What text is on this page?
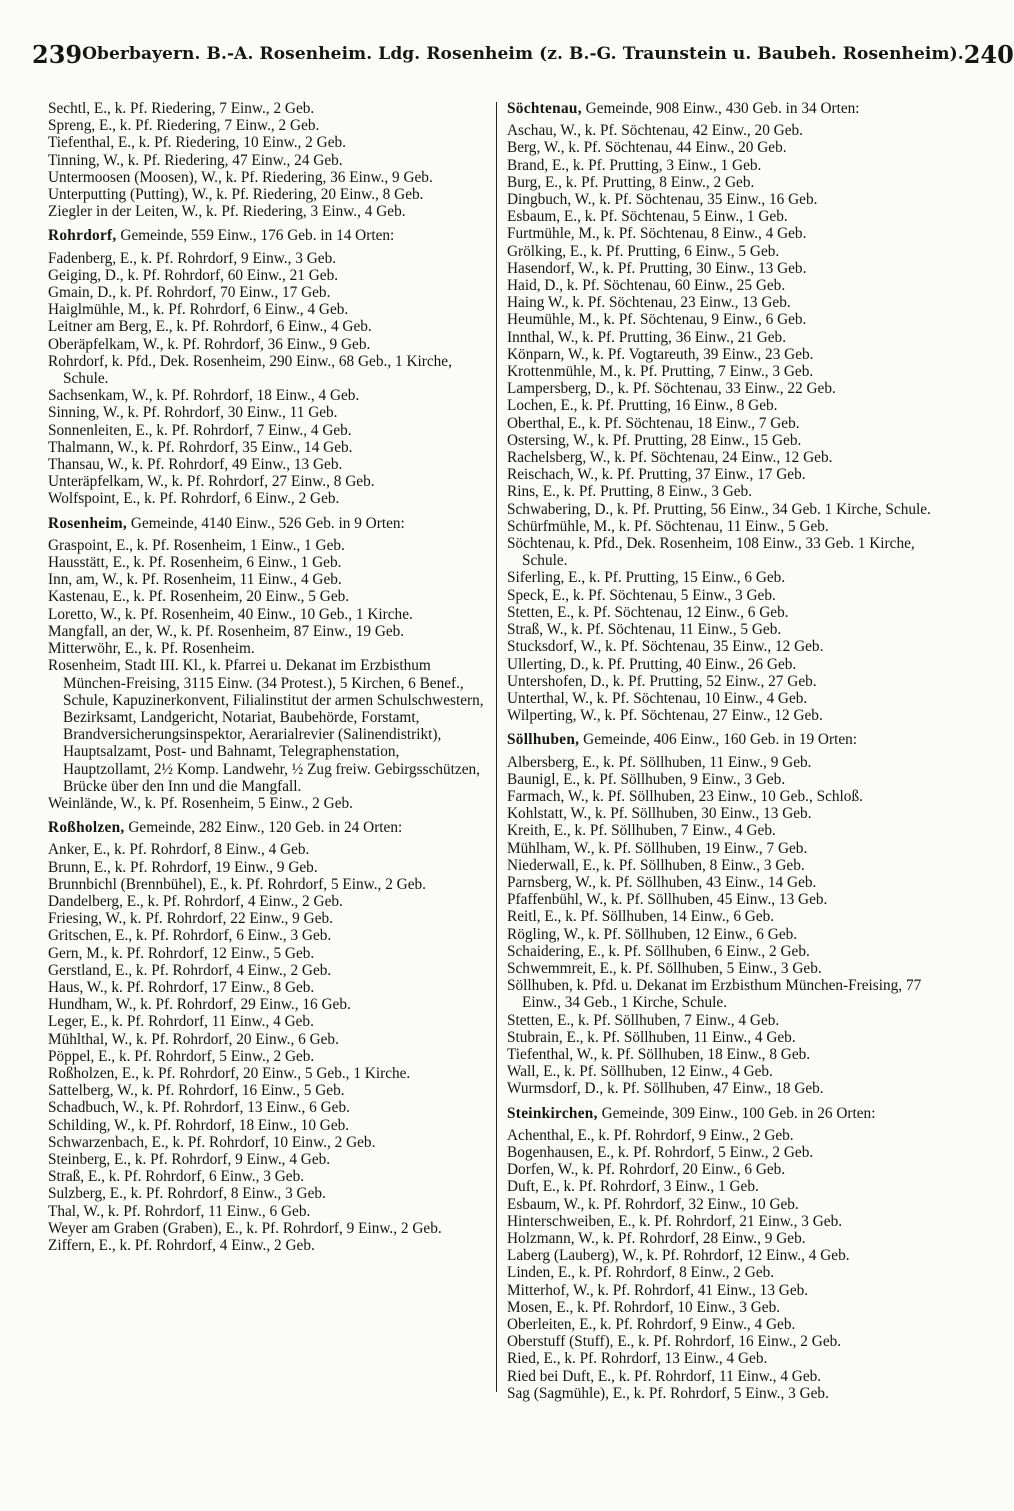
239 Oberbayern. B.-A. Rosenheim. Ldg. Rosenheim (z. B.-G. Traunstein u. Baubeh. Rosenheim). 240
Sechtl, E., k. Pf. Riedering, 7 Einw., 2 Geb.
Spreng, E., k. Pf. Riedering, 7 Einw., 2 Geb.
Tiefenthal, E., k. Pf. Riedering, 10 Einw., 2 Geb.
Tinning, W., k. Pf. Riedering, 47 Einw., 24 Geb.
Untermoosen (Moosen), W., k. Pf. Riedering, 36 Einw., 9 Geb.
Unterputting (Putting), W., k. Pf. Riedering, 20 Einw., 8 Geb.
Ziegler in der Leiten, W., k. Pf. Riedering, 3 Einw., 4 Geb.
Rohrdorf, Gemeinde, 559 Einw., 176 Geb. in 14 Orten:
Fadenberg, E., k. Pf. Rohrdorf, 9 Einw., 3 Geb.
Geiging, D., k. Pf. Rohrdorf, 60 Einw., 21 Geb.
Gmain, D., k. Pf. Rohrdorf, 70 Einw., 17 Geb.
Haiglmühle, M., k. Pf. Rohrdorf, 6 Einw., 4 Geb.
Leitner am Berg, E., k. Pf. Rohrdorf, 6 Einw., 4 Geb.
Oberäpfelkam, W., k. Pf. Rohrdorf, 36 Einw., 9 Geb.
Rohrdorf, k. Pfd., Dek. Rosenheim, 290 Einw., 68 Geb., 1 Kirche, Schule.
Sachsenkam, W., k. Pf. Rohrdorf, 18 Einw., 4 Geb.
Sinning, W., k. Pf. Rohrdorf, 30 Einw., 11 Geb.
Sonnenleiten, E., k. Pf. Rohrdorf, 7 Einw., 4 Geb.
Thalmann, W., k. Pf. Rohrdorf, 35 Einw., 14 Geb.
Thansau, W., k. Pf. Rohrdorf, 49 Einw., 13 Geb.
Unteräpfelkam, W., k. Pf. Rohrdorf, 27 Einw., 8 Geb.
Wolfspoint, E., k. Pf. Rohrdorf, 6 Einw., 2 Geb.
Rosenheim, Gemeinde, 4140 Einw., 526 Geb. in 9 Orten:
Graspoint, E., k. Pf. Rosenheim, 1 Einw., 1 Geb.
Hausstätt, E., k. Pf. Rosenheim, 6 Einw., 1 Geb.
Inn, am, W., k. Pf. Rosenheim, 11 Einw., 4 Geb.
Kastenau, E., k. Pf. Rosenheim, 20 Einw., 5 Geb.
Loretto, W., k. Pf. Rosenheim, 40 Einw., 10 Geb., 1 Kirche.
Mangfall, an der, W., k. Pf. Rosenheim, 87 Einw., 19 Geb.
Mitterwöhr, E., k. Pf. Rosenheim.
Rosenheim, Stadt III. Kl., k. Pfarrei u. Dekanat im Erzbisthum München-Freising, 3115 Einw. (34 Protest.), 5 Kirchen, 6 Benef., Schule, Kapuzinerkonvent, Filialinstitut der armen Schulschwestern, Bezirksamt, Landgericht, Notariat, Baubehörde, Forstamt, Brandversicherungsinspektor, Aerarialrevier (Salinendistrikt), Hauptsalzamt, Post- und Bahnamt, Telegraphenstation, Hauptzollamt, 2½ Komp. Landwehr, ½ Zug freiw. Gebirgsschützen, Brücke über den Inn und die Mangfall.
Weinlände, W., k. Pf. Rosenheim, 5 Einw., 2 Geb.
Roßholzen, Gemeinde, 282 Einw., 120 Geb. in 24 Orten:
Anker, E., k. Pf. Rohrdorf, 8 Einw., 4 Geb.
Brunn, E., k. Pf. Rohrdorf, 19 Einw., 9 Geb.
Brunnbichl (Brennbühel), E., k. Pf. Rohrdorf, 5 Einw., 2 Geb.
Dandelberg, E., k. Pf. Rohrdorf, 4 Einw., 2 Geb.
Friesing, W., k. Pf. Rohrdorf, 22 Einw., 9 Geb.
Gritschen, E., k. Pf. Rohrdorf, 6 Einw., 3 Geb.
Gern, M., k. Pf. Rohrdorf, 12 Einw., 5 Geb.
Gerstland, E., k. Pf. Rohrdorf, 4 Einw., 2 Geb.
Haus, W., k. Pf. Rohrdorf, 17 Einw., 8 Geb.
Hundham, W., k. Pf. Rohrdorf, 29 Einw., 16 Geb.
Leger, E., k. Pf. Rohrdorf, 11 Einw., 4 Geb.
Mühlthal, W., k. Pf. Rohrdorf, 20 Einw., 6 Geb.
Pöppel, E., k. Pf. Rohrdorf, 5 Einw., 2 Geb.
Roßholzen, E., k. Pf. Rohrdorf, 20 Einw., 5 Geb., 1 Kirche.
Sattelberg, W., k. Pf. Rohrdorf, 16 Einw., 5 Geb.
Schadbuch, W., k. Pf. Rohrdorf, 13 Einw., 6 Geb.
Schilding, W., k. Pf. Rohrdorf, 18 Einw., 10 Geb.
Schwarzenbach, E., k. Pf. Rohrdorf, 10 Einw., 2 Geb.
Steinberg, E., k. Pf. Rohrdorf, 9 Einw., 4 Geb.
Straß, E., k. Pf. Rohrdorf, 6 Einw., 3 Geb.
Sulzberg, E., k. Pf. Rohrdorf, 8 Einw., 3 Geb.
Thal, W., k. Pf. Rohrdorf, 11 Einw., 6 Geb.
Weyer am Graben (Graben), E., k. Pf. Rohrdorf, 9 Einw., 2 Geb.
Ziffern, E., k. Pf. Rohrdorf, 4 Einw., 2 Geb.
Söchtenau, Gemeinde, 908 Einw., 430 Geb. in 34 Orten:
Aschau, W., k. Pf. Söchtenau, 42 Einw., 20 Geb.
Berg, W., k. Pf. Söchtenau, 44 Einw., 20 Geb.
Brand, E., k. Pf. Prutting, 3 Einw., 1 Geb.
Burg, E., k. Pf. Prutting, 8 Einw., 2 Geb.
Dingbuch, W., k. Pf. Söchtenau, 35 Einw., 16 Geb.
Esbaum, E., k. Pf. Söchtenau, 5 Einw., 1 Geb.
Furtmühle, M., k. Pf. Söchtenau, 8 Einw., 4 Geb.
Grölking, E., k. Pf. Prutting, 6 Einw., 5 Geb.
Hasendorf, W., k. Pf. Prutting, 30 Einw., 13 Geb.
Haid, D., k. Pf. Söchtenau, 60 Einw., 25 Geb.
Haing W., k. Pf. Söchtenau, 23 Einw., 13 Geb.
Heumühle, M., k. Pf. Söchtenau, 9 Einw., 6 Geb.
Innthal, W., k. Pf. Prutting, 36 Einw., 21 Geb.
Könparn, W., k. Pf. Vogtareuth, 39 Einw., 23 Geb.
Krottenmühle, M., k. Pf. Prutting, 7 Einw., 3 Geb.
Lampersberg, D., k. Pf. Söchtenau, 33 Einw., 22 Geb.
Lochen, E., k. Pf. Prutting, 16 Einw., 8 Geb.
Oberthal, E., k. Pf. Söchtenau, 18 Einw., 7 Geb.
Ostersing, W., k. Pf. Prutting, 28 Einw., 15 Geb.
Rachelsberg, W., k. Pf. Söchtenau, 24 Einw., 12 Geb.
Reischach, W., k. Pf. Prutting, 37 Einw., 17 Geb.
Rins, E., k. Pf. Prutting, 8 Einw., 3 Geb.
Schwabering, D., k. Pf. Prutting, 56 Einw., 34 Geb. 1 Kirche, Schule.
Schürfmühle, M., k. Pf. Söchtenau, 11 Einw., 5 Geb.
Söchtenau, k. Pfd., Dek. Rosenheim, 108 Einw., 33 Geb. 1 Kirche, Schule.
Siferling, E., k. Pf. Prutting, 15 Einw., 6 Geb.
Speck, E., k. Pf. Söchtenau, 5 Einw., 3 Geb.
Stetten, E., k. Pf. Söchtenau, 12 Einw., 6 Geb.
Straß, W., k. Pf. Söchtenau, 11 Einw., 5 Geb.
Stucksdorf, W., k. Pf. Söchtenau, 35 Einw., 12 Geb.
Ullerting, D., k. Pf. Prutting, 40 Einw., 26 Geb.
Untershofen, D., k. Pf. Prutting, 52 Einw., 27 Geb.
Unterthal, W., k. Pf. Söchtenau, 10 Einw., 4 Geb.
Wilperting, W., k. Pf. Söchtenau, 27 Einw., 12 Geb.
Söllhuben, Gemeinde, 406 Einw., 160 Geb. in 19 Orten:
Albersberg, E., k. Pf. Söllhuben, 11 Einw., 9 Geb.
Baunigl, E., k. Pf. Söllhuben, 9 Einw., 3 Geb.
Farmach, W., k. Pf. Söllhuben, 23 Einw., 10 Geb., Schloß.
Kohlstatt, W., k. Pf. Söllhuben, 30 Einw., 13 Geb.
Kreith, E., k. Pf. Söllhuben, 7 Einw., 4 Geb.
Mühlham, W., k. Pf. Söllhuben, 19 Einw., 7 Geb.
Niederwall, E., k. Pf. Söllhuben, 8 Einw., 3 Geb.
Parnsberg, W., k. Pf. Söllhuben, 43 Einw., 14 Geb.
Pfaffenbühl, W., k. Pf. Söllhuben, 45 Einw., 13 Geb.
Reitl, E., k. Pf. Söllhuben, 14 Einw., 6 Geb.
Rögling, W., k. Pf. Söllhuben, 12 Einw., 6 Geb.
Schaidering, E., k. Pf. Söllhuben, 6 Einw., 2 Geb.
Schwemmreit, E., k. Pf. Söllhuben, 5 Einw., 3 Geb.
Söllhuben, k. Pfd. u. Dekanat im Erzbisthum München-Freising, 77 Einw., 34 Geb., 1 Kirche, Schule.
Stetten, E., k. Pf. Söllhuben, 7 Einw., 4 Geb.
Stubrain, E., k. Pf. Söllhuben, 11 Einw., 4 Geb.
Tiefenthal, W., k. Pf. Söllhuben, 18 Einw., 8 Geb.
Wall, E., k. Pf. Söllhuben, 12 Einw., 4 Geb.
Wurmsdorf, D., k. Pf. Söllhuben, 47 Einw., 18 Geb.
Steinkirchen, Gemeinde, 309 Einw., 100 Geb. in 26 Orten:
Achenthal, E., k. Pf. Rohrdorf, 9 Einw., 2 Geb.
Bogenhausen, E., k. Pf. Rohrdorf, 5 Einw., 2 Geb.
Dorfen, W., k. Pf. Rohrdorf, 20 Einw., 6 Geb.
Duft, E., k. Pf. Rohrdorf, 3 Einw., 1 Geb.
Esbaum, W., k. Pf. Rohrdorf, 32 Einw., 10 Geb.
Hinterschweiben, E., k. Pf. Rohrdorf, 21 Einw., 3 Geb.
Holzmann, W., k. Pf. Rohrdorf, 28 Einw., 9 Geb.
Laberg (Lauberg), W., k. Pf. Rohrdorf, 12 Einw., 4 Geb.
Linden, E., k. Pf. Rohrdorf, 8 Einw., 2 Geb.
Mitterhof, W., k. Pf. Rohrdorf, 41 Einw., 13 Geb.
Mosen, E., k. Pf. Rohrdorf, 10 Einw., 3 Geb.
Oberleiten, E., k. Pf. Rohrdorf, 9 Einw., 4 Geb.
Oberstuff (Stuff), E., k. Pf. Rohrdorf, 16 Einw., 2 Geb.
Ried, E., k. Pf. Rohrdorf, 13 Einw., 4 Geb.
Ried bei Duft, E., k. Pf. Rohrdorf, 11 Einw., 4 Geb.
Sag (Sagmühle), E., k. Pf. Rohrdorf, 5 Einw., 3 Geb.
